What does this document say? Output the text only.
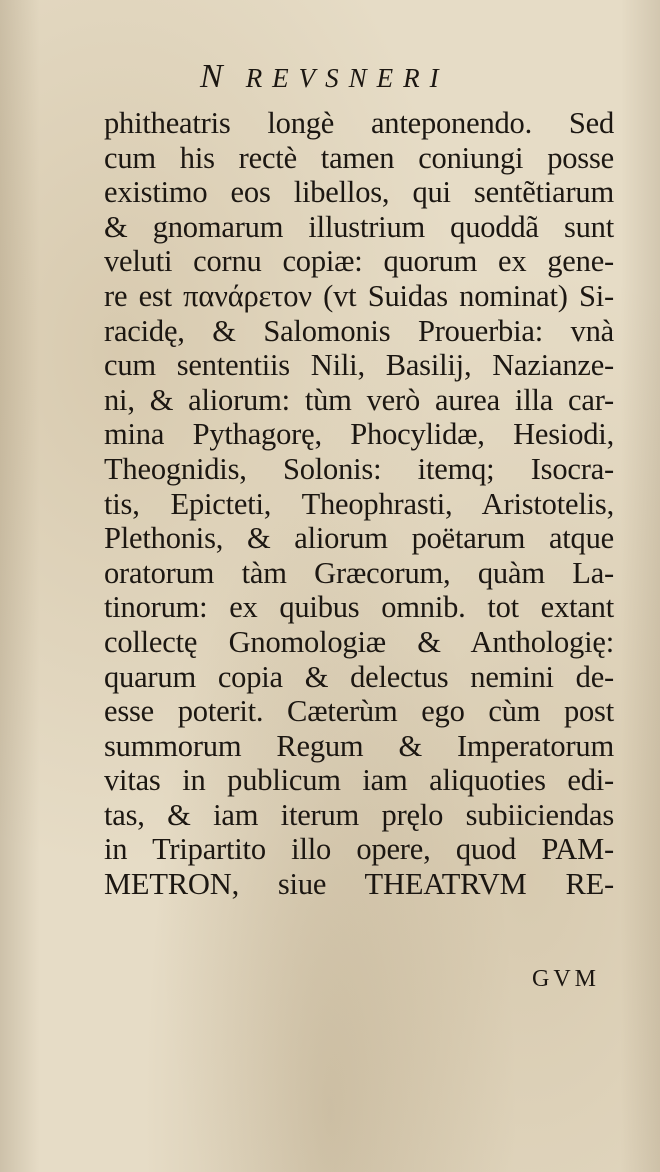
N REVSNERI
phitheatris longè anteponendo. Sed
cum his rectè tamen coniungi posse
existimo eos libellos, qui sentẽtiarum
& gnomarum illustrium quoddã sunt
veluti cornu copiæ: quorum ex gene-
re est πανάρετον (vt Suidas nominat) Si-
racidę, & Salomonis Prouerbia: vnà
cum sententiis Nili, Basilij, Nazianze-
ni, & aliorum: tùm verò aurea illa car-
mina Pythagorę, Phocylidæ, Hesiodi,
Theognidis, Solonis: itemq; Isocra-
tis, Epicteti, Theophrasti, Aristotelis,
Plethonis, & aliorum poëtarum atque
oratorum tàm Græcorum, quàm La-
tinorum: ex quibus omnib. tot extant
collectę Gnomologiæ & Anthologię:
quarum copia & delectus nemini de-
esse poterit. Cæterùm ego cùm post
summorum Regum & Imperatorum
vitas in publicum iam aliquoties edi-
tas, & iam iterum pręlo subiiciendas
in Tripartito illo opere, quod PAM-
METRON, siue THEATRVM RE-
GVM
